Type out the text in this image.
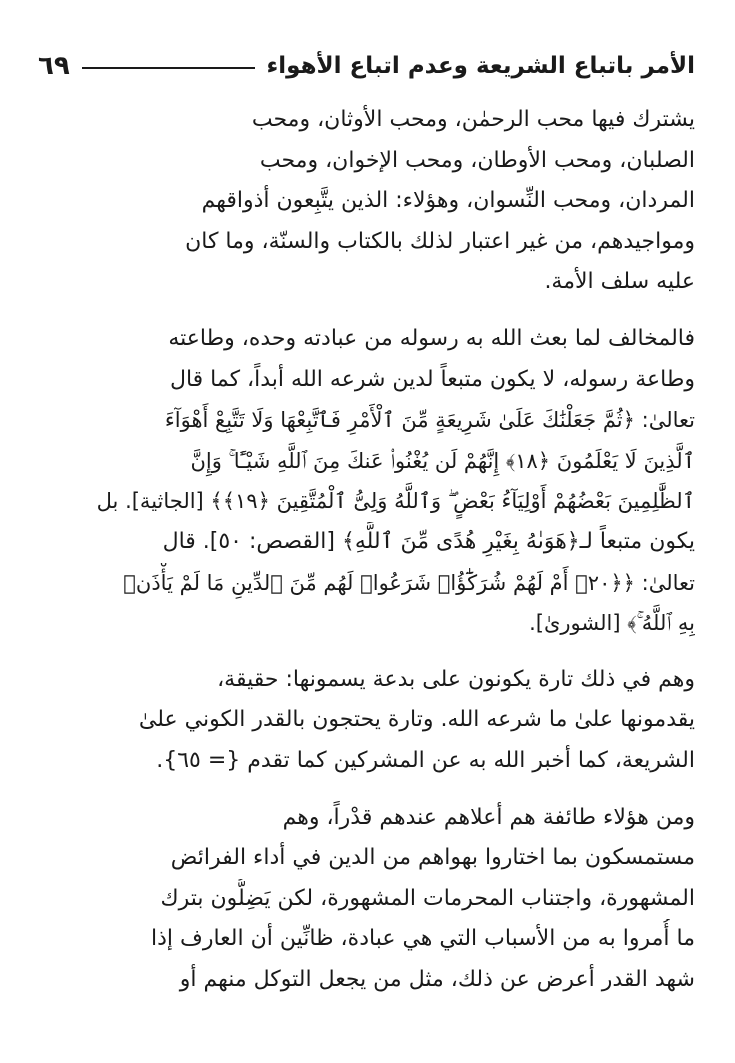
الأمر باتباع الشريعة وعدم اتباع الأهواء
٦٩

يشترك فيها محب الرحمٰن، ومحب الأوثان، ومحب
الصلبان، ومحب الأوطان، ومحب الإخوان، ومحب
المردان، ومحب النِّسوان، وهؤلاء: الذين يتَّبِعون أذواقهم
ومواجيدهم، من غير اعتبار لذلك بالكتاب والسنّة، وما كان
عليه سلف الأمة.

فالمخالف لما بعث الله به رسوله من عبادته وحده، وطاعته
وطاعة رسوله، لا يكون متبعاً لدين شرعه الله أبداً، كما قال
تعالىٰ: ﴿ثُمَّ جَعَلْنَٰكَ عَلَىٰ شَرِيعَةٍ مِّنَ ٱلْأَمْرِ فَٱتَّبِعْهَا وَلَا تَتَّبِعْ أَهْوَآءَ
ٱلَّذِينَ لَا يَعْلَمُونَ ﴿١٨﴾ إِنَّهُمْ لَن يُغْنُوا۟ عَنكَ مِنَ ٱللَّهِ شَيْـًٔا ۚ وَإِنَّ
ٱلظَّٰلِمِينَ بَعْضُهُمْ أَوْلِيَآءُ بَعْضٍ ۖ وَٱللَّهُ وَلِىُّ ٱلْمُتَّقِينَ ﴿١٩﴾﴾ [الجاثية]. بل
يكون متبعاً لـ﴿هَوَىٰهُ بِغَيْرِ هُدًى مِّنَ ٱللَّهِ﴾ [القصص: ٥٠]. قال
تعالىٰ: ﴿﴿٢٠﴾ أَمْ لَهُمْ شُرَكَٰٓؤُا۟ شَرَعُوا۟ لَهُم مِّنَ ٱلدِّينِ مَا لَمْ يَأْذَنۢ
بِهِ ٱللَّهُ ۚ﴾ [الشورىٰ].

وهم في ذلك تارة يكونون على بدعة يسمونها: حقيقة،
يقدمونها علىٰ ما شرعه الله. وتارة يحتجون بالقدر الكوني علىٰ
الشريعة، كما أخبر الله به عن المشركين كما تقدم {= ٦٥}.

ومن هؤلاء طائفة هم أعلاهم عندهم قدْراً، وهم
مستمسكون بما اختاروا بهواهم من الدين في أداء الفرائض
المشهورة، واجتناب المحرمات المشهورة، لكن يَضِلُّون بترك
ما أُمروا به من الأسباب التي هي عبادة، ظانِّين أن العارف إذا
شهد القدر أعرض عن ذلك، مثل من يجعل التوكل منهم أو
